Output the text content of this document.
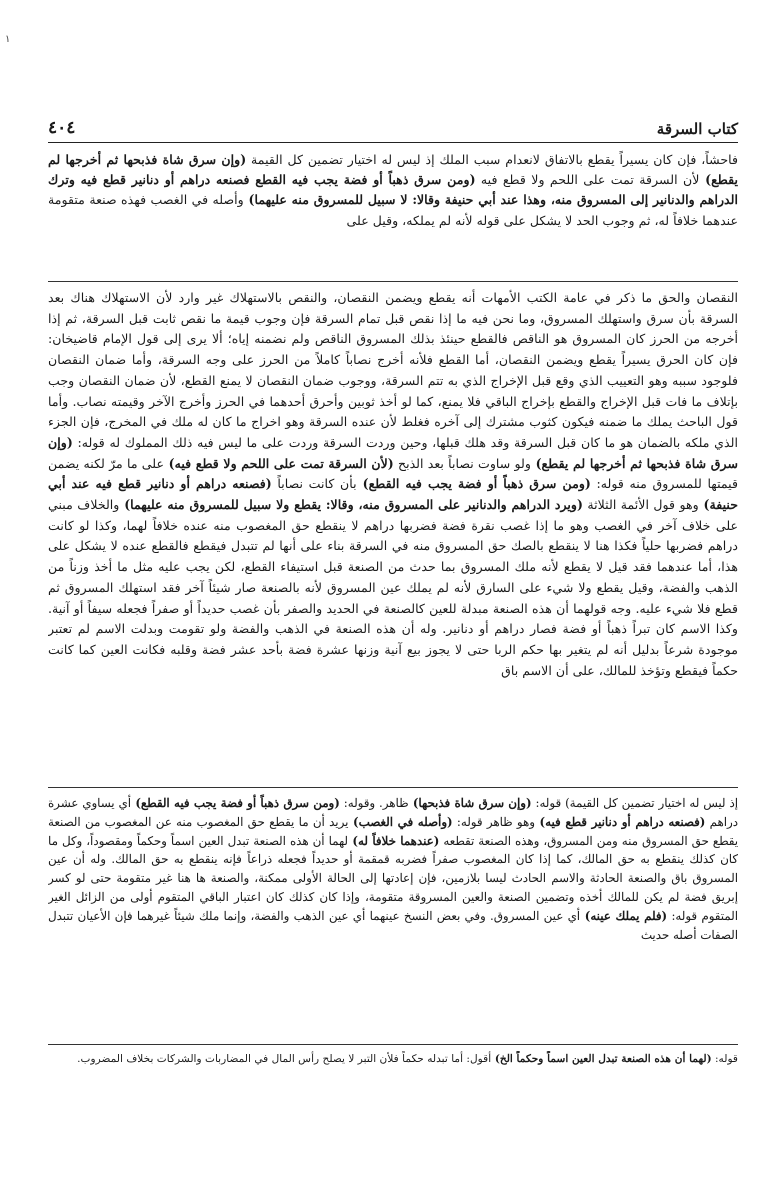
١
كتاب السرقة
٤٠٤

فاحشاً، فإن كان يسيراً يقطع بالاتفاق لانعدام سبب الملك إذ ليس له اختيار تضمين كل القيمة (وإن سرق شاة فذبحها ثم أخرجها لم يقطع) لأن السرقة تمت على اللحم ولا قطع فيه (ومن سرق ذهباً أو فضة يجب فيه القطع فصنعه دراهم أو دنانير قطع فيه وترك الدراهم والدنانير إلى المسروق منه، وهذا عند أبي حنيفة وقالا: لا سبيل للمسروق منه عليهما) وأصله في الغصب فهذه صنعة متقومة عندهما خلافاً له، ثم وجوب الحد لا يشكل على قوله لأنه لم يملكه، وقيل على

النقصان والحق ما ذكر في عامة الكتب الأمهات أنه يقطع ويضمن النقصان، والنقص بالاستهلاك غير وارد لأن الاستهلاك هناك بعد السرقة بأن سرق واستهلك المسروق، وما نحن فيه ما إذا نقص قبل تمام السرقة فإن وجوب قيمة ما نقص ثابت قبل السرقة، ثم إذا أخرجه من الحرز كان المسروق هو الناقص فالقطع حينئذ بذلك المسروق الناقص ولم نضمنه إياه؛ ألا يرى إلى قول الإمام قاضيخان: فإن كان الحرق يسيراً يقطع ويضمن النقصان، أما القطع فلأنه أخرج نصاباً كاملاً من الحرز على وجه السرقة، وأما ضمان النقصان فلوجود سببه وهو التعييب الذي وقع قبل الإخراج الذي به تتم السرقة، ووجوب ضمان النقصان لا يمنع القطع، لأن ضمان النقصان وجب بإتلاف ما فات قبل الإخراج والقطع بإخراج الباقي فلا يمنع، كما لو أخذ ثوبين وأحرق أحدهما في الحرز وأخرج الآخر وقيمته نصاب. وأما قول الباحث يملك ما ضمنه فيكون كثوب مشترك إلى آخره فغلط لأن عنده السرقة وهو اخراج ما كان له ملك في المخرج، فإن الجزء الذي ملكه بالضمان هو ما كان قبل السرقة وقد هلك قبلها، وحين وردت السرقة وردت على ما ليس فيه ذلك المملوك له قوله: (وإن سرق شاة فذبحها ثم أخرجها لم يقطع) ولو ساوت نصاباً بعد الذبح (لأن السرقة تمت على اللحم ولا قطع فيه) على ما مرّ لكنه يضمن قيمتها للمسروق منه قوله: (ومن سرق ذهباً أو فضة يجب فيه القطع) بأن كانت نصاباً (فصنعه دراهم أو دنانير قطع فيه عند أبي حنيفة) وهو قول الأئمة الثلاثة (ويرد الدراهم والدنانير على المسروق منه، وقالا: يقطع ولا سبيل للمسروق منه عليهما) والخلاف مبني على خلاف آخر في الغصب وهو ما إذا غصب نقرة فضة فضربها دراهم لا ينقطع حق المغصوب منه عنده خلافاً لهما، وكذا لو كانت دراهم فضربها حلياً فكذا هنا لا ينقطع بالصك حق المسروق منه في السرقة بناء على أنها لم تتبدل فيقطع فالقطع عنده لا يشكل على هذا، أما عندهما فقد قيل لا يقطع لأنه ملك المسروق بما حدث من الصنعة قبل استيفاء القطع، لكن يجب عليه مثل ما أخذ وزناً من الذهب والفضة، وقيل يقطع ولا شيء على السارق لأنه لم يملك عين المسروق لأنه بالصنعة صار شيئاً آخر فقد استهلك المسروق ثم قطع فلا شيء عليه. وجه قولهما أن هذه الصنعة مبدلة للعين كالصنعة في الحديد والصفر بأن غصب حديداً أو صفراً فجعله سيفاً أو آنية. وكذا الاسم كان تبراً ذهباً أو فضة فصار دراهم أو دنانير. وله أن هذه الصنعة في الذهب والفضة ولو تقومت وبدلت الاسم لم تعتبر موجودة شرعاً بدليل أنه لم يتغير بها حكم الربا حتى لا يجوز بيع آنية وزنها عشرة فضة بأحد عشر فضة وقلبه فكانت العين كما كانت حكماً فيقطع وتؤخذ للمالك، على أن الاسم باق

إذ ليس له اختيار تضمين كل القيمة) قوله: (وإن سرق شاة فذبحها) ظاهر. وقوله: (ومن سرق ذهباً أو فضة يجب فيه القطع) أي يساوي عشرة دراهم (فصنعه دراهم أو دنانير قطع فيه) وهو ظاهر قوله: (وأصله في الغصب) يريد أن ما يقطع حق المغصوب منه عن المغصوب من الصنعة يقطع حق المسروق منه ومن المسروق، وهذه الصنعة تقطعه (عندهما خلافاً له) لهما أن هذه الصنعة تبدل العين اسماً وحكماً ومقصوداً، وكل ما كان كذلك ينقطع به حق المالك، كما إذا كان المغصوب صفراً فضربه قمقمة أو حديداً فجعله ذراعاً فإنه ينقطع به حق المالك. وله أن عين المسروق باق والصنعة الحادثة والاسم الحادث ليسا بلازمين، فإن إعادتها إلى الحالة الأولى ممكنة، والصنعة ها هنا غير متقومة حتى لو كسر إبريق فضة لم يكن للمالك أخذه وتضمين الصنعة والعين المسروقة متقومة، وإذا كان كذلك كان اعتبار الباقي المتقوم أولى من الزائل الغير المتقوم قوله: (فلم يملك عينه) أي عين المسروق. وفي بعض النسخ عينهما أي عين الذهب والفضة، وإنما ملك شيئاً غيرهما فإن الأعيان تتبدل الصفات أصله حديث

قوله: (لهما أن هذه الصنعة تبدل العين اسماً وحكماً الخ) أقول: أما تبدله حكماً فلأن التبر لا يصلح رأس المال في المضاربات والشركات بخلاف المضروب.
